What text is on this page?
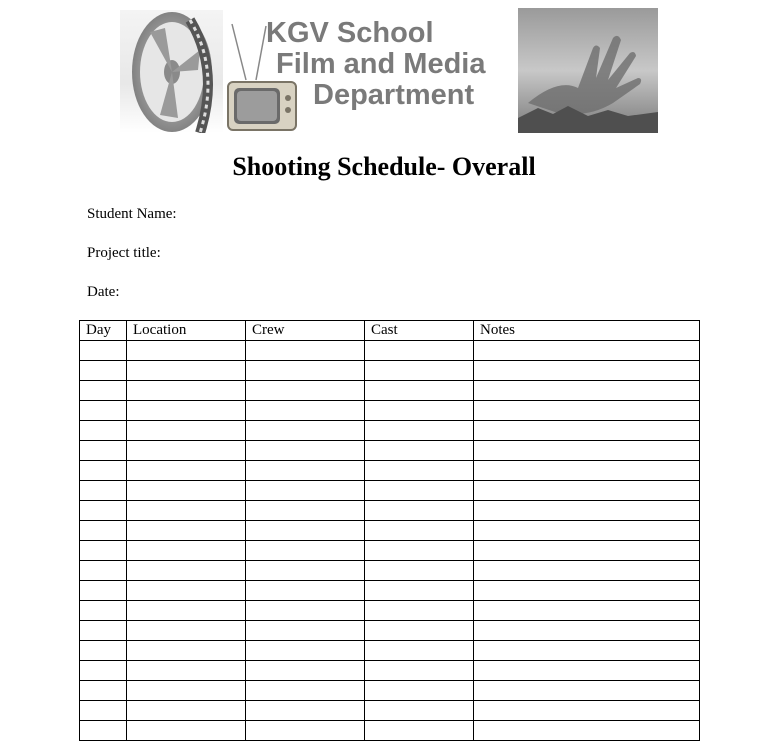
KGV School
Film and Media
Department
Shooting Schedule- Overall
Student Name:
Project title:
Date:
Day	Location	Crew	Cast	Notes
